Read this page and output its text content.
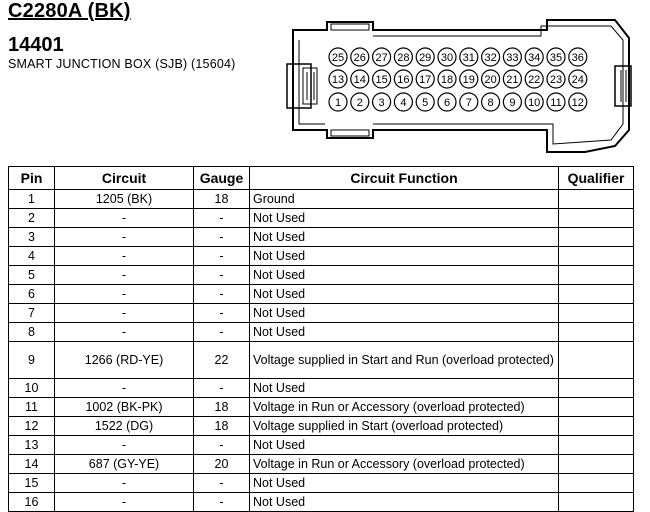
C2280A (BK)
14401
SMART JUNCTION BOX (SJB) (15604)	25 26 27 28 29 30 31 32 33 34 35 36
13 14 15 16 17 18 19 20 21 22 23 24
1 2 3 4 5 6 7 8 9 10 11 12
Pin	Circuit	Gauge	Circuit Function	Qualifier
1	1205 (BK)	18	Ground	
2	-	-	Not Used	
3	-	-	Not Used	
4	-	-	Not Used	
5	-	-	Not Used	
6	-	-	Not Used	
7	-	-	Not Used	
8	-	-	Not Used	
9	1266 (RD-YE)	22	Voltage supplied in Start and Run (overload protected)	
10	-	-	Not Used	
11	1002 (BK-PK)	18	Voltage in Run or Accessory (overload protected)	
12	1522 (DG)	18	Voltage supplied in Start (overload protected)	
13	-	-	Not Used	
14	687 (GY-YE)	20	Voltage in Run or Accessory (overload protected)	
15	-	-	Not Used	
16	-	-	Not Used	
